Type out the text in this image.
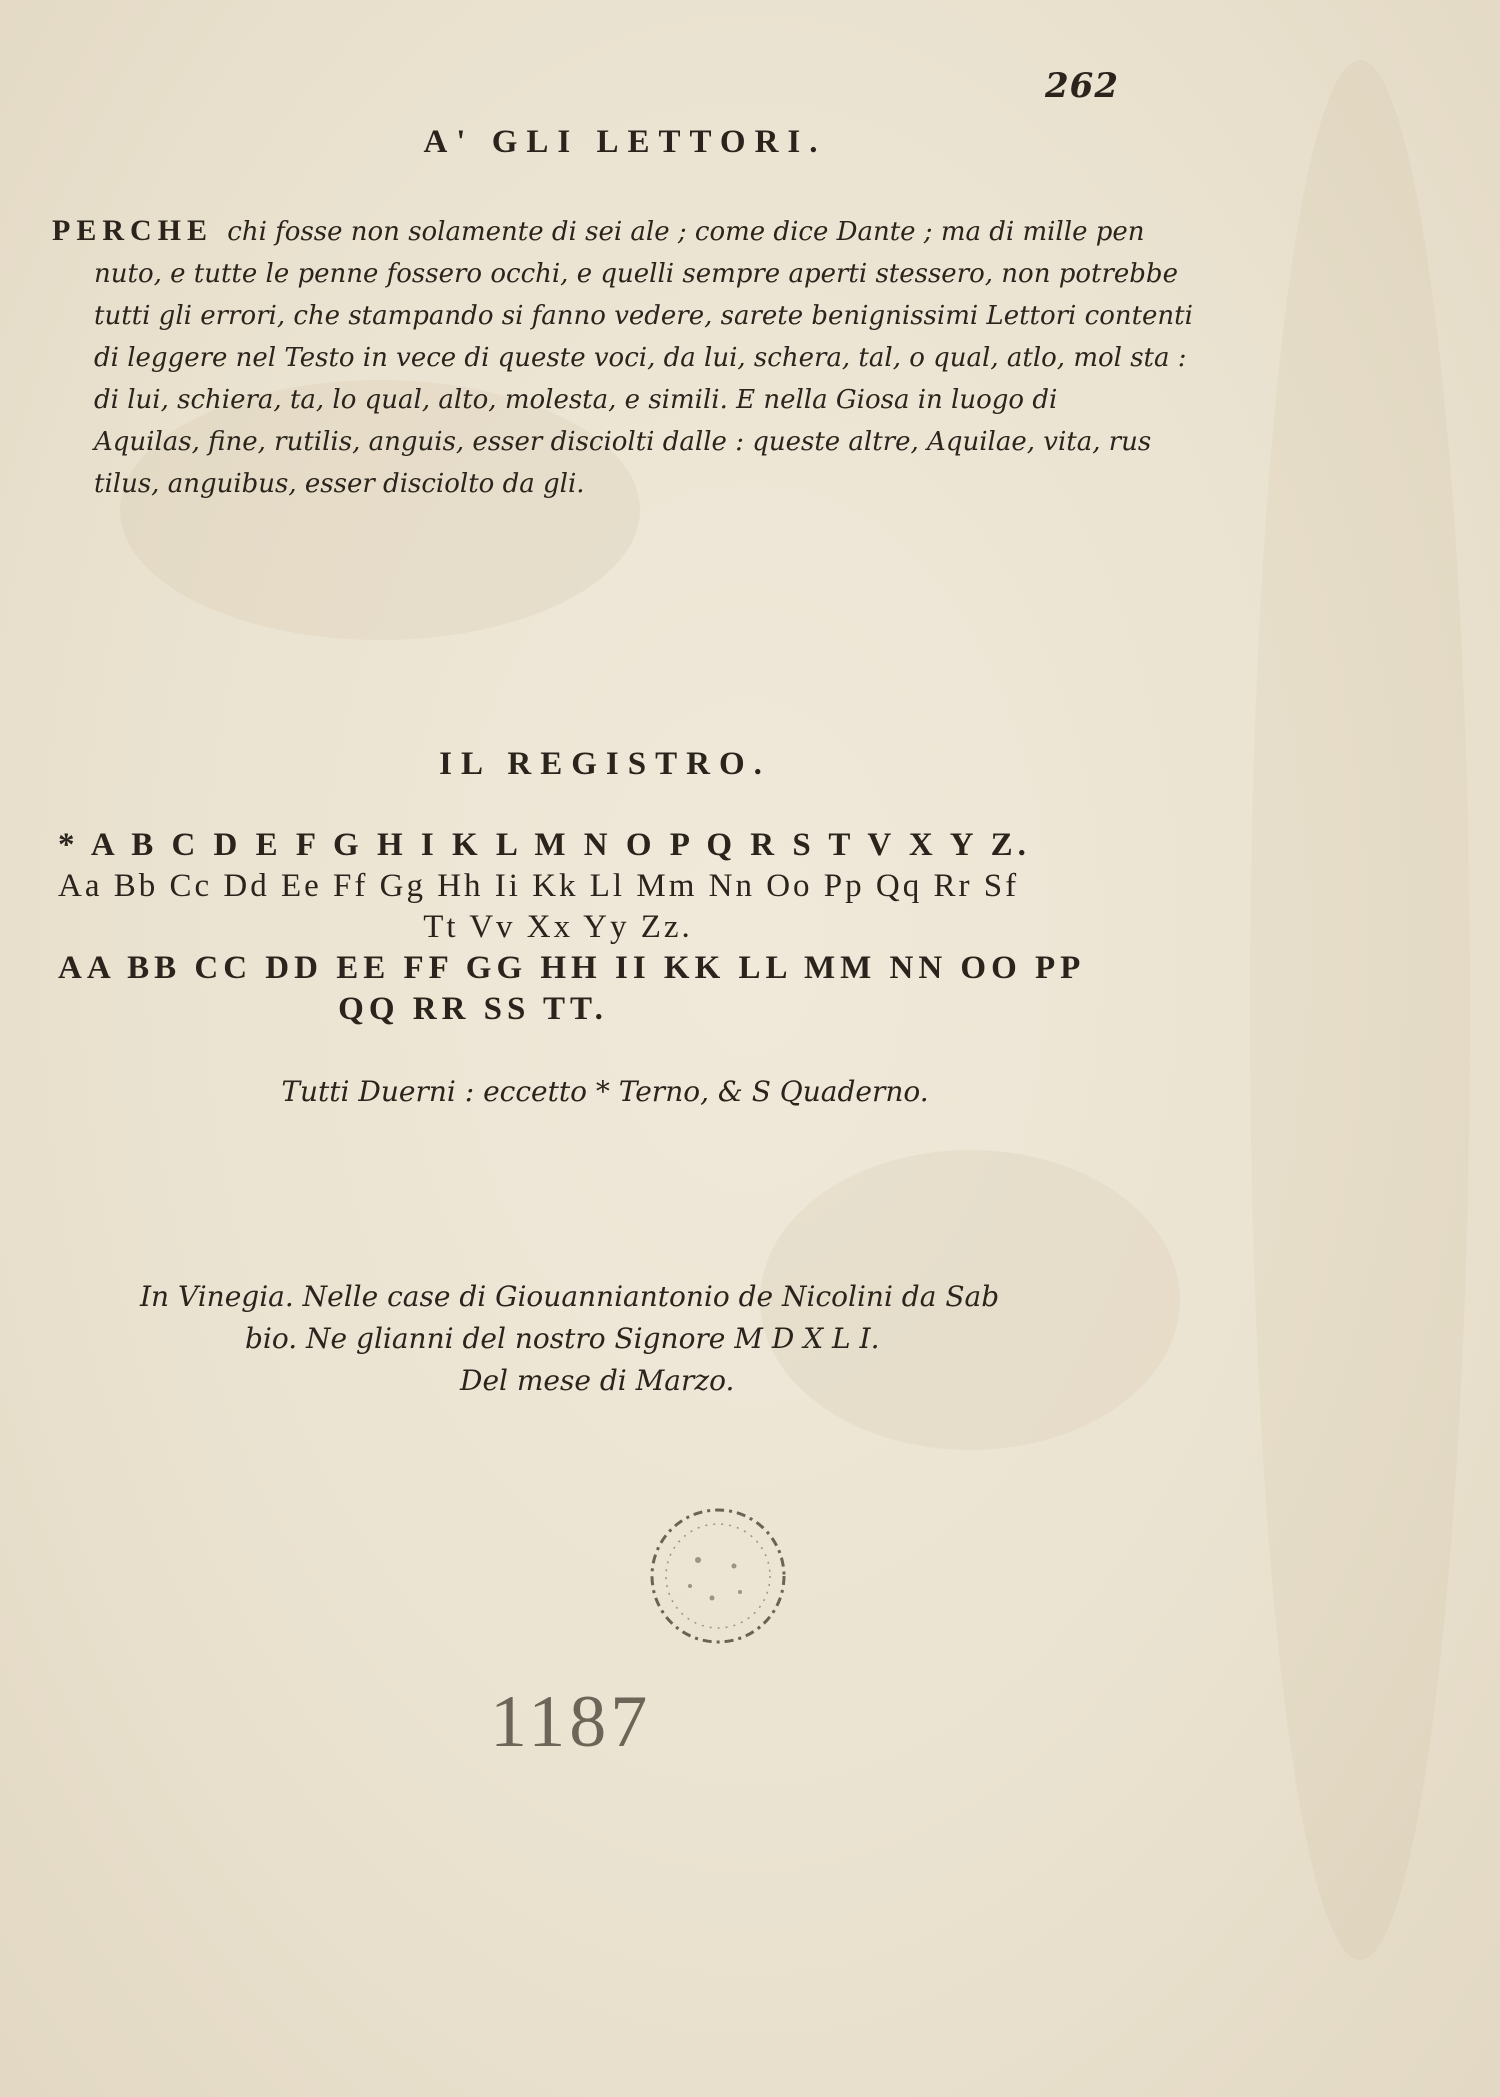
262
A' GLI LETTORI.
PERCHE chi fosse non solamente di sei ale ; come dice Dante ; ma di mille pen
nuto, e tutte le penne fossero occhi, e quelli sempre aperti stessero, non potrebbe
tutti gli errori, che stampando si fanno vedere, sarete benignissimi Lettori contenti
di leggere nel Testo in vece di queste voci, da lui, schera, tal, o qual, atlo, mol sta :
di lui, schiera, ta, lo qual, alto, molesta, e simili. E nella Giosa in luogo di
Aquilas, fine, rutilis, anguis, esser disciolti dalle : queste altre, Aquilae, vita, rus
tilus, anguibus, esser disciolto da gli.
IL REGISTRO.
* A B C D E F G H I K L M N O P Q R S T V X Y Z.
Aa Bb Cc Dd Ee Ff Gg Hh Ii Kk Ll Mm Nn Oo Pp Qq Rr Sf
Tt Vv Xx Yy Zz.
AA BB CC DD EE FF GG HH II KK LL MM NN OO PP
QQ RR SS TT.
Tutti Duerni : eccetto * Terno, & S Quaderno.
In Vinegia. Nelle case di Giouanniantonio de Nicolini da Sab
bio. Ne glianni del nostro Signore M D X L I.
Del mese di Marzo.
1187
